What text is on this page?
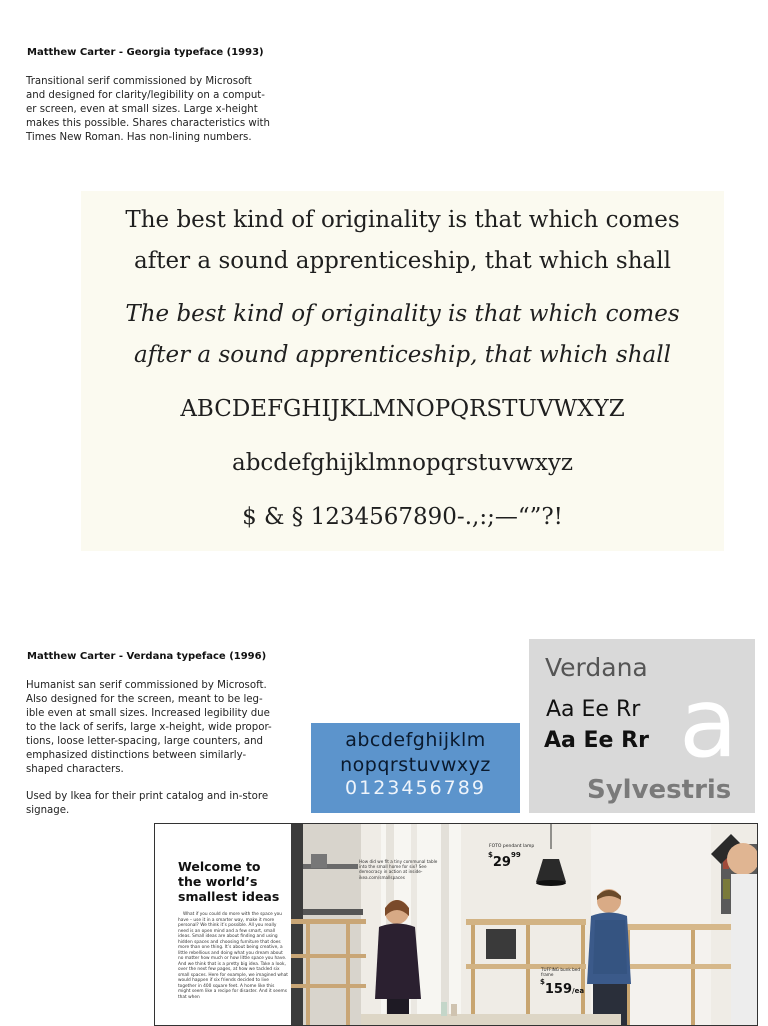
Matthew Carter - Georgia typeface (1993)
Transitional serif commissioned by Microsoft
and designed for clarity/legibility on a comput-
er screen, even at small sizes. Large x-height
makes this possible. Shares characteristics with
Times New Roman. Has non-lining numbers.
The best kind of originality is that which comes
after a sound apprenticeship, that which shall
The best kind of originality is that which comes
after a sound apprenticeship, that which shall
ABCDEFGHIJKLMNOPQRSTUVWXYZ
abcdefghijklmnopqrstuvwxyz
$ & § 1234567890-.,:;—“”?!
Matthew Carter - Verdana typeface (1996)
Humanist san serif commissioned by Microsoft.
Also designed for the screen, meant to be leg-
ible even at small sizes. Increased legibility due
to the lack of serifs, large x-height, wide propor-
tions, loose letter-spacing, large counters, and
emphasized distinctions between similarly-
shaped characters.
Used by Ikea for their print catalog and in-store
signage.
abcdefghijklm
nopqrstuvwxyz
0123456789
Verdana a
Aa Ee Rr
Aa Ee Rr
Sylvestris
Welcome to
the world’s
smallest ideas
What if you could do more with the space you have – use it in a smarter way, make it more personal? We think it’s possible. All you really need is an open mind and a few smart, small ideas. Small ideas are about finding and using hidden spaces and choosing furniture that does more than one thing. It’s about being creative, a little rebellious and doing what you dream about no matter how much or how little space you have. And we think that is a pretty big idea. Take a look, over the next few pages, at how we tackled six small spaces. Here for example, we imagined what would happen if six friends decided to live together in 400 square feet. A home like this might seem like a recipe for disaster. And it seems that when
How did we fit a tiny communal table into the small home for six? See democracy in action at inside-ikea.com/smallspaces
FOTO pendant lamp
$^{\$}29^{99}$
TUFFING bunk bed frame
$159/ea
